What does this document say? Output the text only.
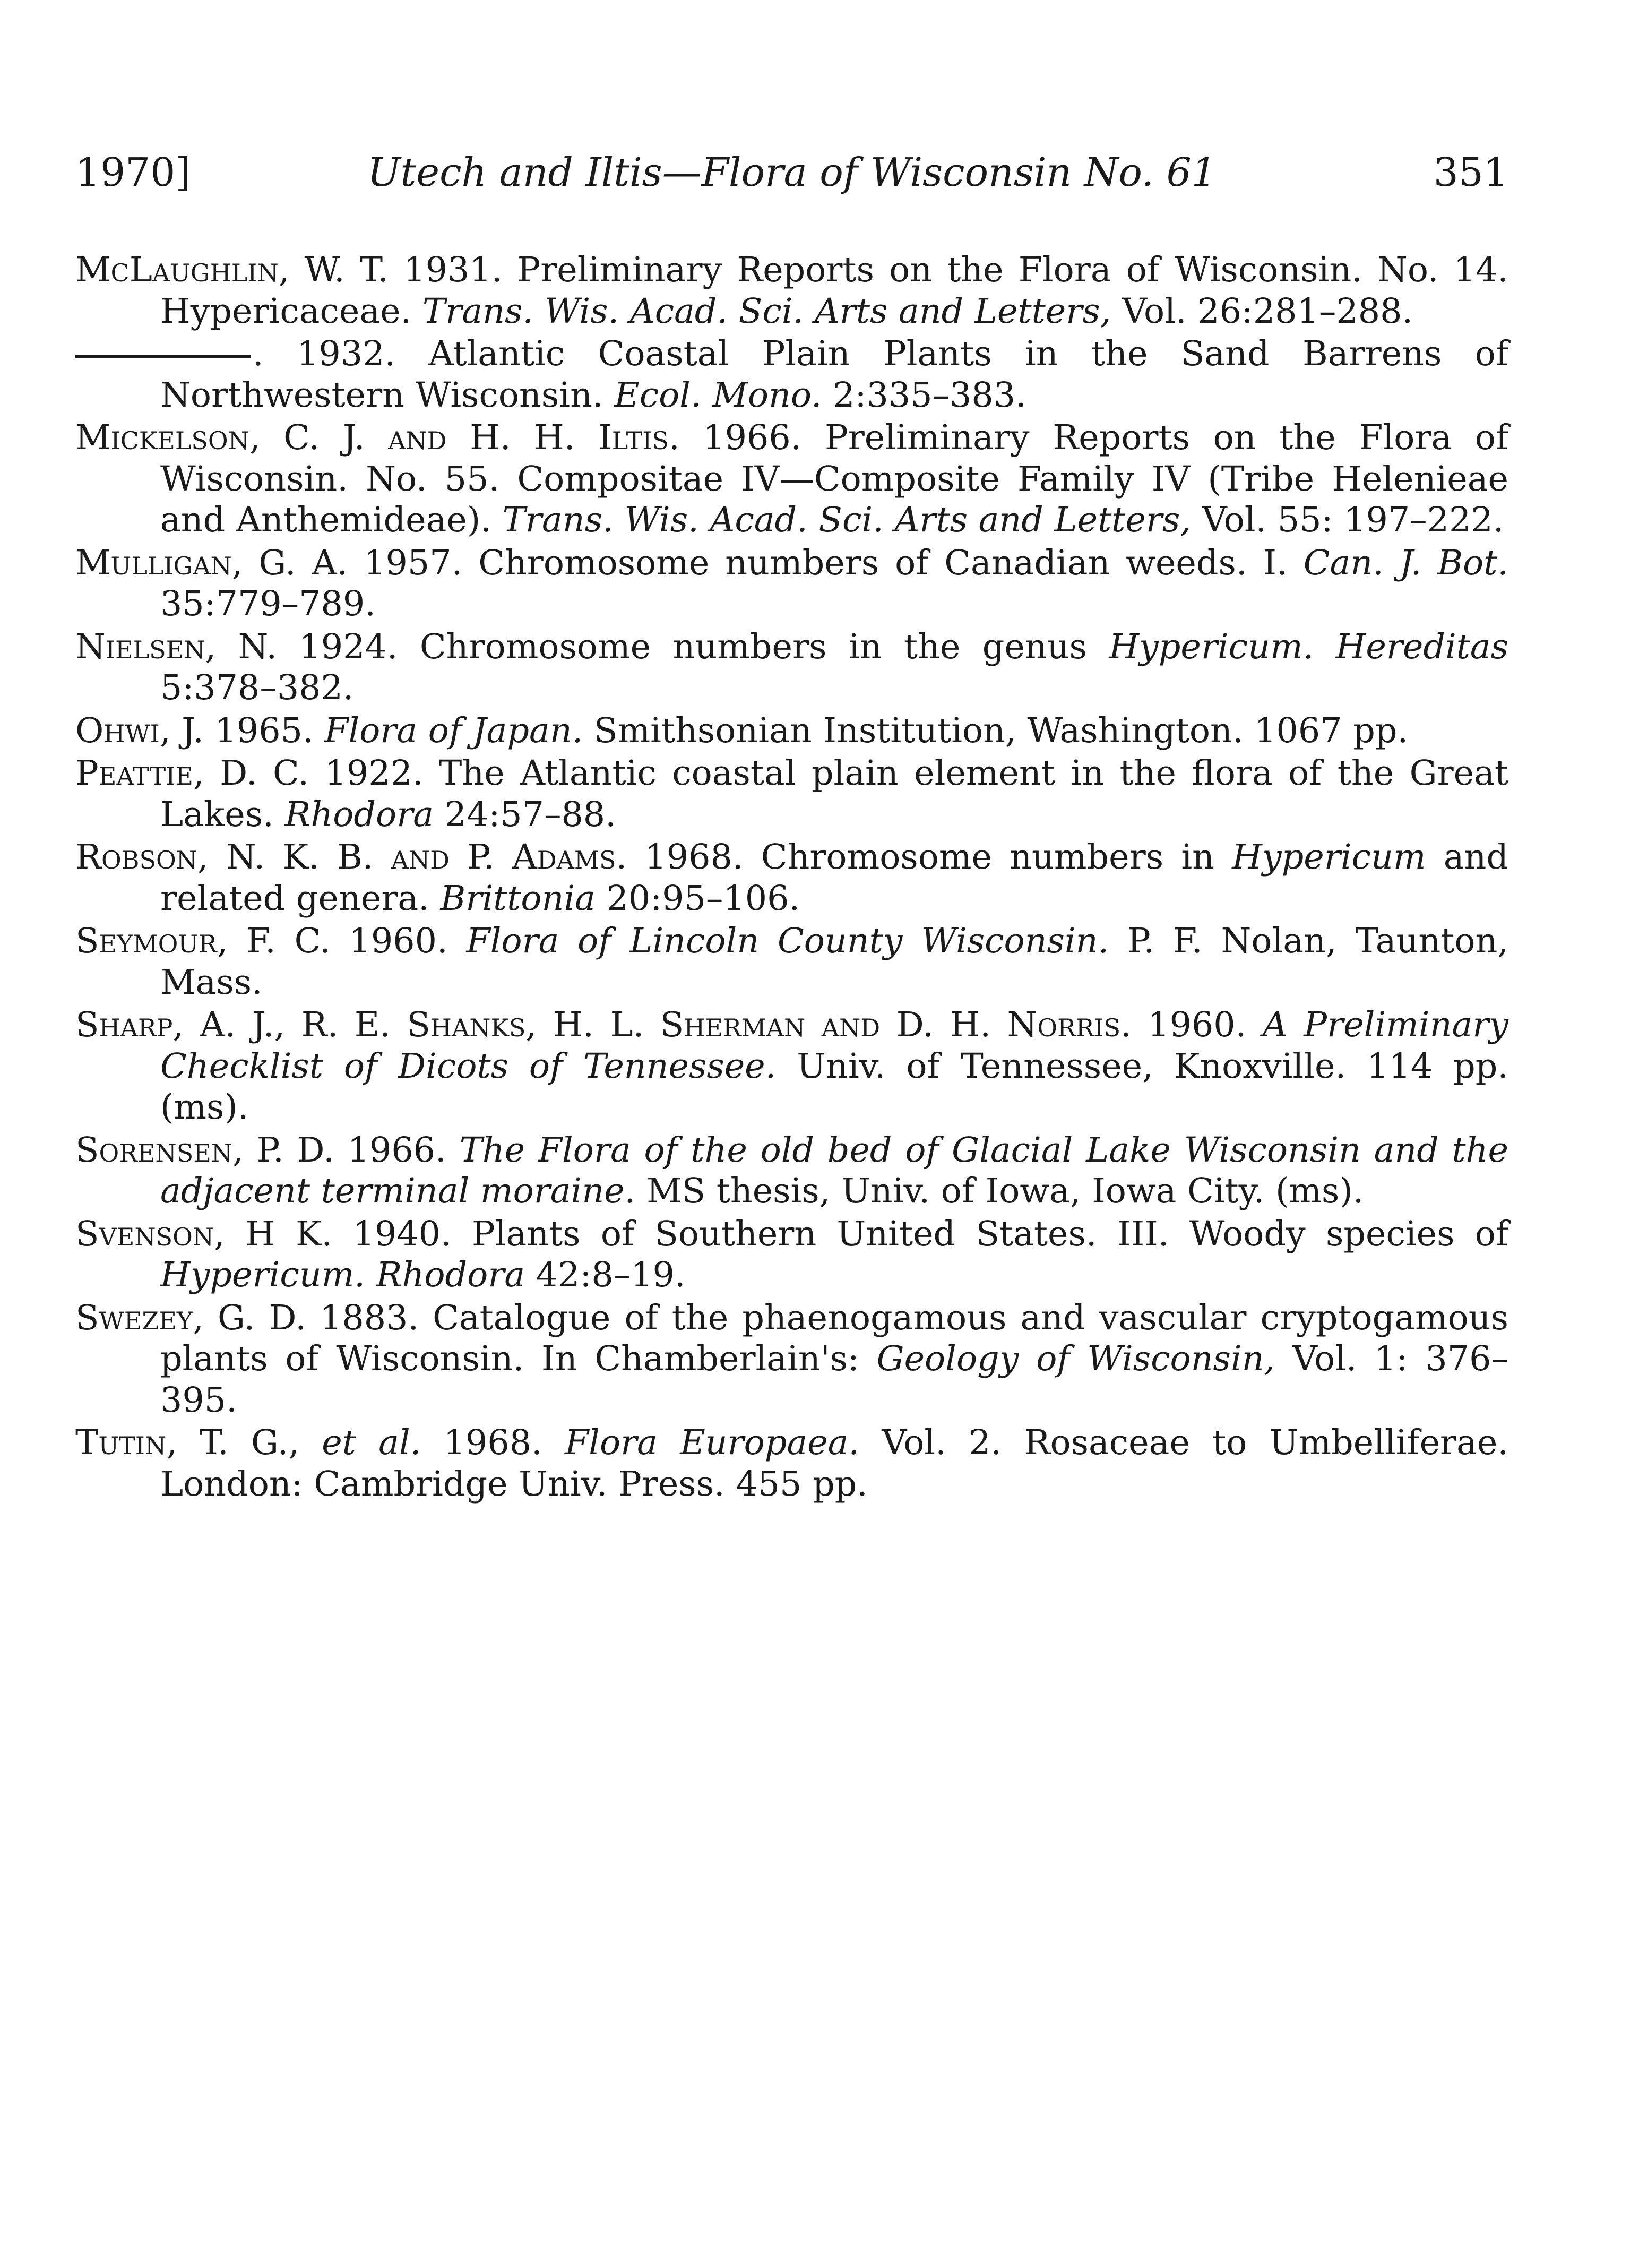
1970]	Utech and Iltis—Flora of Wisconsin No. 61	351

McLaughlin, W. T. 1931. Preliminary Reports on the Flora of Wisconsin. No. 14. Hypericaceae. Trans. Wis. Acad. Sci. Arts and Letters, Vol. 26:281–288.

. 1932. Atlantic Coastal Plain Plants in the Sand Barrens of Northwestern Wisconsin. Ecol. Mono. 2:335–383.

Mickelson, C. J. and H. H. Iltis. 1966. Preliminary Reports on the Flora of Wisconsin. No. 55. Compositae IV—Composite Family IV (Tribe Helenieae and Anthemideae). Trans. Wis. Acad. Sci. Arts and Letters, Vol. 55: 197–222.

Mulligan, G. A. 1957. Chromosome numbers of Canadian weeds. I. Can. J. Bot. 35:779–789.

Nielsen, N. 1924. Chromosome numbers in the genus Hypericum. Hereditas 5:378–382.

Ohwi, J. 1965. Flora of Japan. Smithsonian Institution, Washington. 1067 pp.

Peattie, D. C. 1922. The Atlantic coastal plain element in the flora of the Great Lakes. Rhodora 24:57–88.

Robson, N. K. B. and P. Adams. 1968. Chromosome numbers in Hypericum and related genera. Brittonia 20:95–106.

Seymour, F. C. 1960. Flora of Lincoln County Wisconsin. P. F. Nolan, Taunton, Mass.

Sharp, A. J., R. E. Shanks, H. L. Sherman and D. H. Norris. 1960. A Preliminary Checklist of Dicots of Tennessee. Univ. of Tennessee, Knoxville. 114 pp. (ms).

Sorensen, P. D. 1966. The Flora of the old bed of Glacial Lake Wisconsin and the adjacent terminal moraine. MS thesis, Univ. of Iowa, Iowa City. (ms).

Svenson, H K. 1940. Plants of Southern United States. III. Woody species of Hypericum. Rhodora 42:8–19.

Swezey, G. D. 1883. Catalogue of the phaenogamous and vascular cryptogamous plants of Wisconsin. In Chamberlain's: Geology of Wisconsin, Vol. 1: 376–395.

Tutin, T. G., et al. 1968. Flora Europaea. Vol. 2. Rosaceae to Umbelliferae. London: Cambridge Univ. Press. 455 pp.
